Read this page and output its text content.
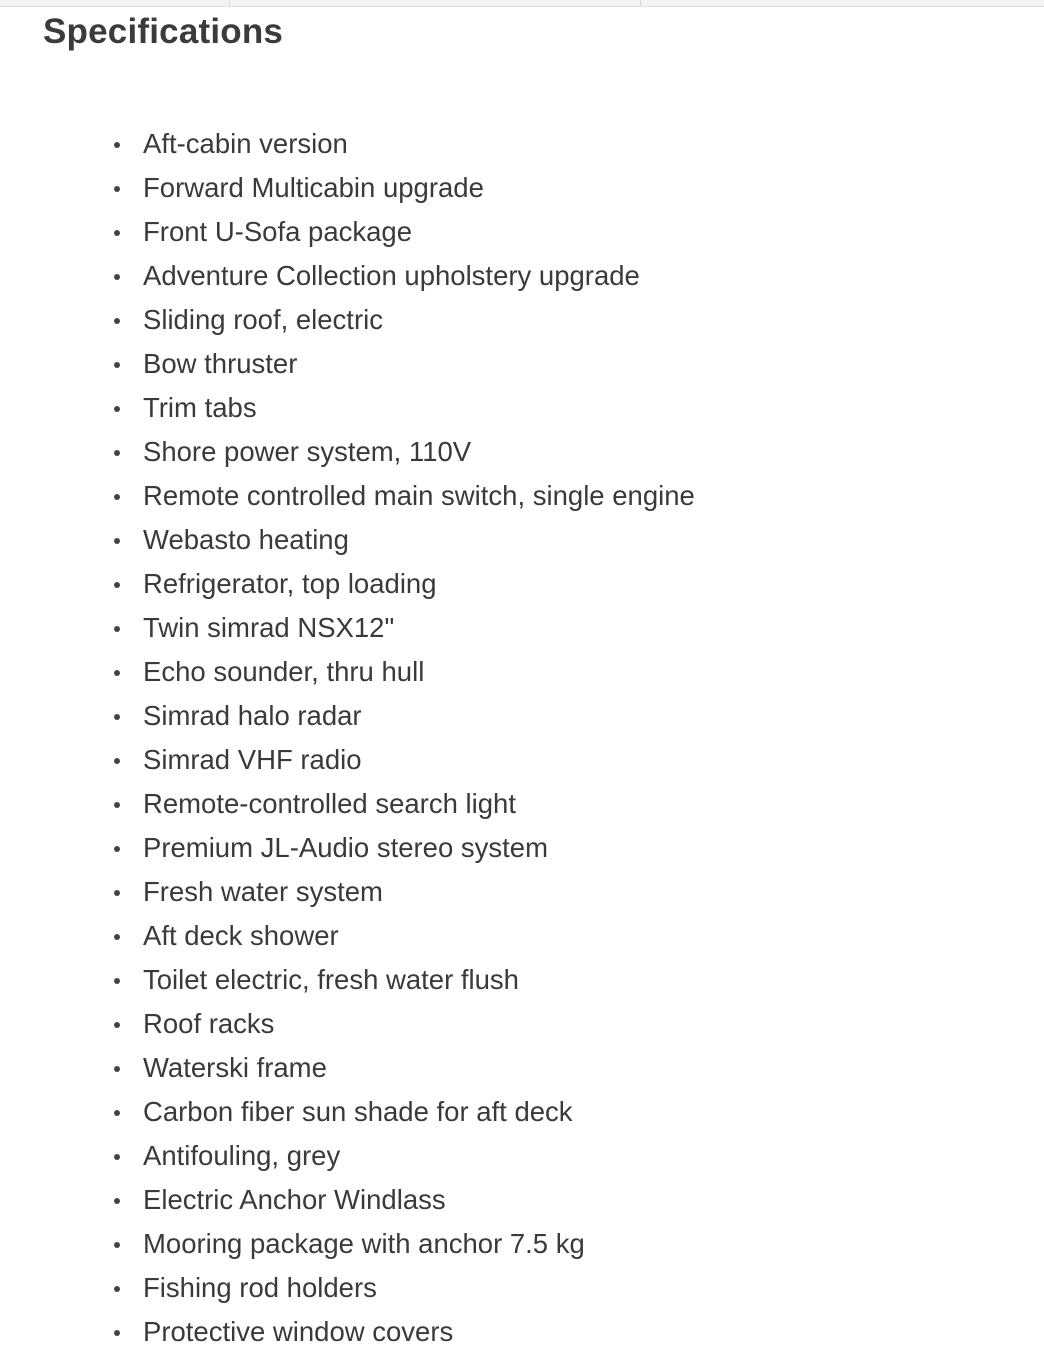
Specifications
Aft-cabin version
Forward Multicabin upgrade
Front U-Sofa package
Adventure Collection upholstery upgrade
Sliding roof, electric
Bow thruster
Trim tabs
Shore power system, 110V
Remote controlled main switch, single engine
Webasto heating
Refrigerator, top loading
Twin simrad NSX12"
Echo sounder, thru hull
Simrad halo radar
Simrad VHF radio
Remote-controlled search light
Premium JL-Audio stereo system
Fresh water system
Aft deck shower
Toilet electric, fresh water flush
Roof racks
Waterski frame
Carbon fiber sun shade for aft deck
Antifouling, grey
Electric Anchor Windlass
Mooring package with anchor 7.5 kg
Fishing rod holders
Protective window covers
